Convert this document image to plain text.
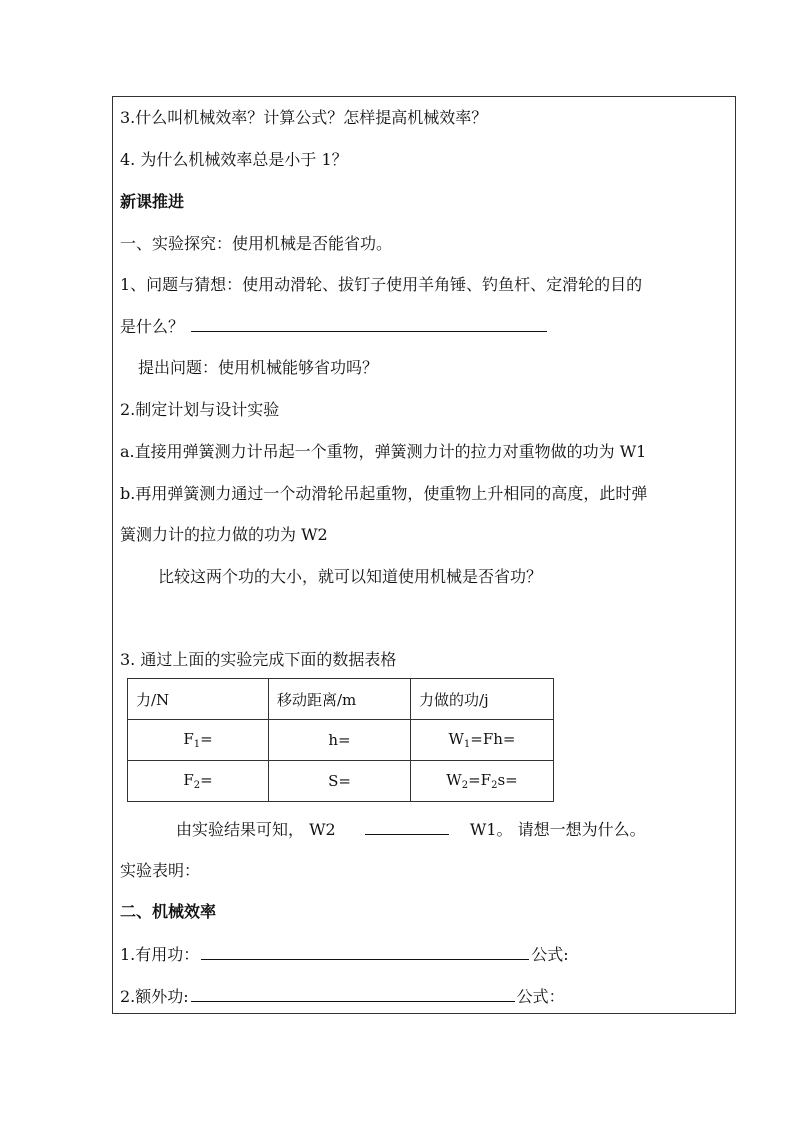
3.什么叫机械效率？计算公式？怎样提高机械效率？
4. 为什么机械效率总是小于 1？
新课推进
一、实验探究：使用机械是否能省功。
1、问题与猜想：使用动滑轮、拔钉子使用羊角锤、钓鱼杆、定滑轮的目的
是什么？
提出问题：使用机械能够省功吗？
2.制定计划与设计实验
a.直接用弹簧测力计吊起一个重物，弹簧测力计的拉力对重物做的功为 W1
b.再用弹簧测力通过一个动滑轮吊起重物，使重物上升相同的高度，此时弹
簧测力计的拉力做的功为 W2
比较这两个功的大小，就可以知道使用机械是否省功？
3. 通过上面的实验完成下面的数据表格
力/N	移动距离/m	力做的功/j
$F_1=$	h=	$W_1=Fh=$
$F_2=$	S=	$W_2=F_2s=$
由实验结果可知， W2	W1。 请想一想为什么。
实验表明：
二、机械效率
1.有用功：	公式:
2.额外功:	公式：
